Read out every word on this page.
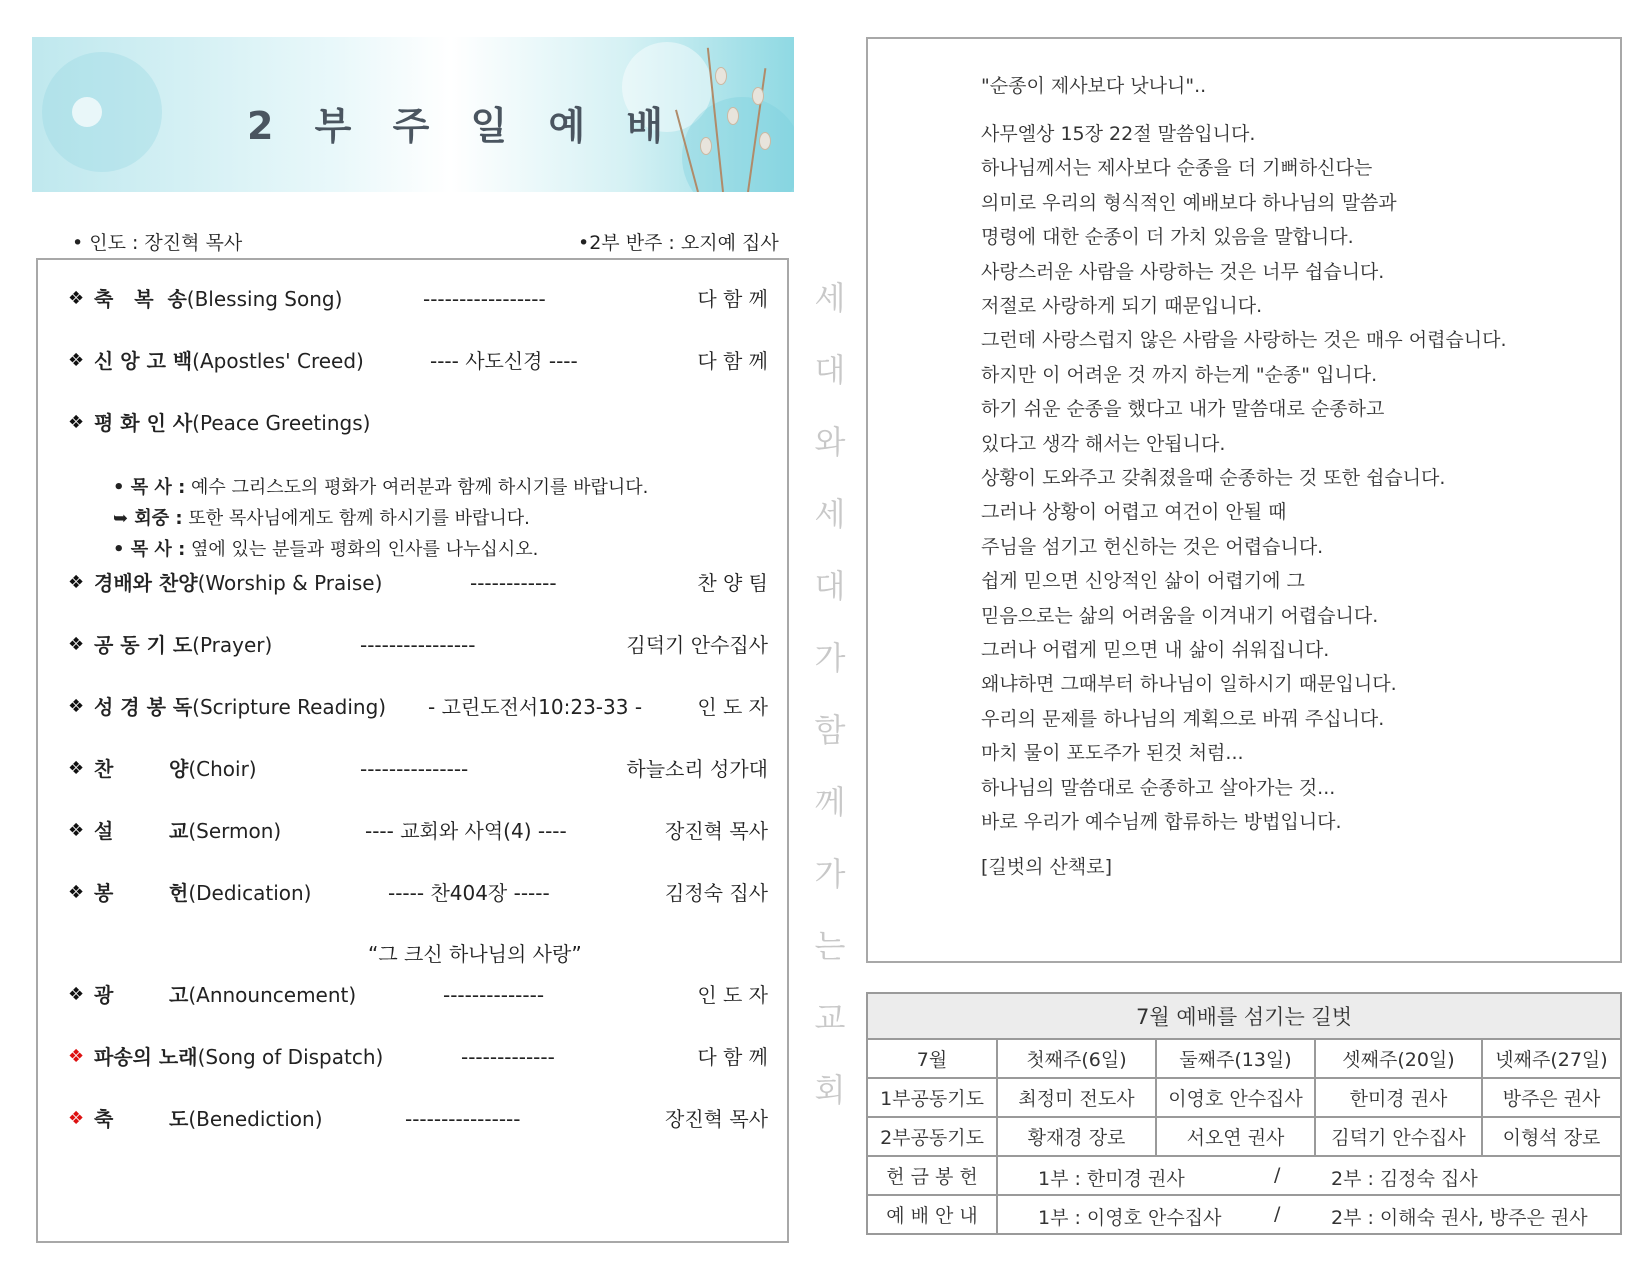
2 부 주 일 예 배
• 인도 : 장진혁 목사	•2부 반주 : 오지예 집사
❖ 축   복  송(Blessing Song)	-----------------	다 함 께
❖ 신 앙 고 백(Apostles' Creed)	---- 사도신경 ----	다 함 께
❖ 평 화 인 사(Peace Greetings)
❖ 경배와 찬양(Worship & Praise)	------------	찬 양 팀
❖ 공 동 기 도(Prayer)	----------------	김덕기 안수집사
❖ 성 경 봉 독(Scripture Reading) - 고린도전서10:23-33 -	인 도 자
❖ 찬        양(Choir)	---------------	하늘소리 성가대
❖ 설        교(Sermon)	---- 교회와 사역(4) ----	장진혁 목사
❖ 봉        헌(Dedication)	----- 찬404장 -----	김정숙 집사
❖ 광        고(Announcement)	--------------	인 도 자
❖ 파송의 노래(Song of Dispatch)	-------------	다 함 께
❖ 축        도(Benediction)	----------------	장진혁 목사
• 목 사 : 예수 그리스도의 평화가 여러분과 함께 하시기를 바랍니다.
➥ 회중 : 또한 목사님에게도 함께 하시기를 바랍니다.
• 목 사 : 옆에 있는 분들과 평화의 인사를 나누십시오.
“그 크신 하나님의 사랑”
세
대
와
세
대
가
함
께
가
는
교
회
"순종이 제사보다 낫나니"..
사무엘상 15장 22절 말씀입니다.
하나님께서는 제사보다 순종을 더 기뻐하신다는
의미로 우리의 형식적인 예배보다 하나님의 말씀과
명령에 대한 순종이 더 가치 있음을 말합니다.
사랑스러운 사람을 사랑하는 것은 너무 쉽습니다.
저절로 사랑하게 되기 때문입니다.
그런데 사랑스럽지 않은 사람을 사랑하는 것은 매우 어렵습니다.
하지만 이 어려운 것 까지 하는게 "순종" 입니다.
하기 쉬운 순종을 했다고 내가 말씀대로 순종하고
있다고 생각 해서는 안됩니다.
상황이 도와주고 갖춰졌을때 순종하는 것 또한 쉽습니다.
그러나 상황이 어렵고 여건이 안될 때
주님을 섬기고 헌신하는 것은 어렵습니다.
쉽게 믿으면 신앙적인 삶이 어렵기에 그
믿음으로는 삶의 어려움을 이겨내기 어렵습니다.
그러나 어렵게 믿으면 내 삶이 쉬워집니다.
왜냐하면 그때부터 하나님이 일하시기 때문입니다.
우리의 문제를 하나님의 계획으로 바꿔 주십니다.
마치 물이 포도주가 된것 처럼...
하나님의 말씀대로 순종하고 살아가는 것...
바로 우리가 예수님께 합류하는 방법입니다.
[길벗의 산책로]
7월 예배를 섬기는 길벗				
7월	첫째주(6일)	둘째주(13일)	셋째주(20일)	넷째주(27일)
1부공동기도	최정미 전도사	이영호 안수집사	한미경 권사	방주은 권사
2부공동기도	황재경 장로	서오연 권사	김덕기 안수집사	이형석 장로
헌 금 봉 헌	1부 : 한미경 권사 / 2부 : 김정숙 집사			

예 배 안 내	1부 : 이영호 안수집사 / 2부 : 이해숙 권사, 방주은 권사			
